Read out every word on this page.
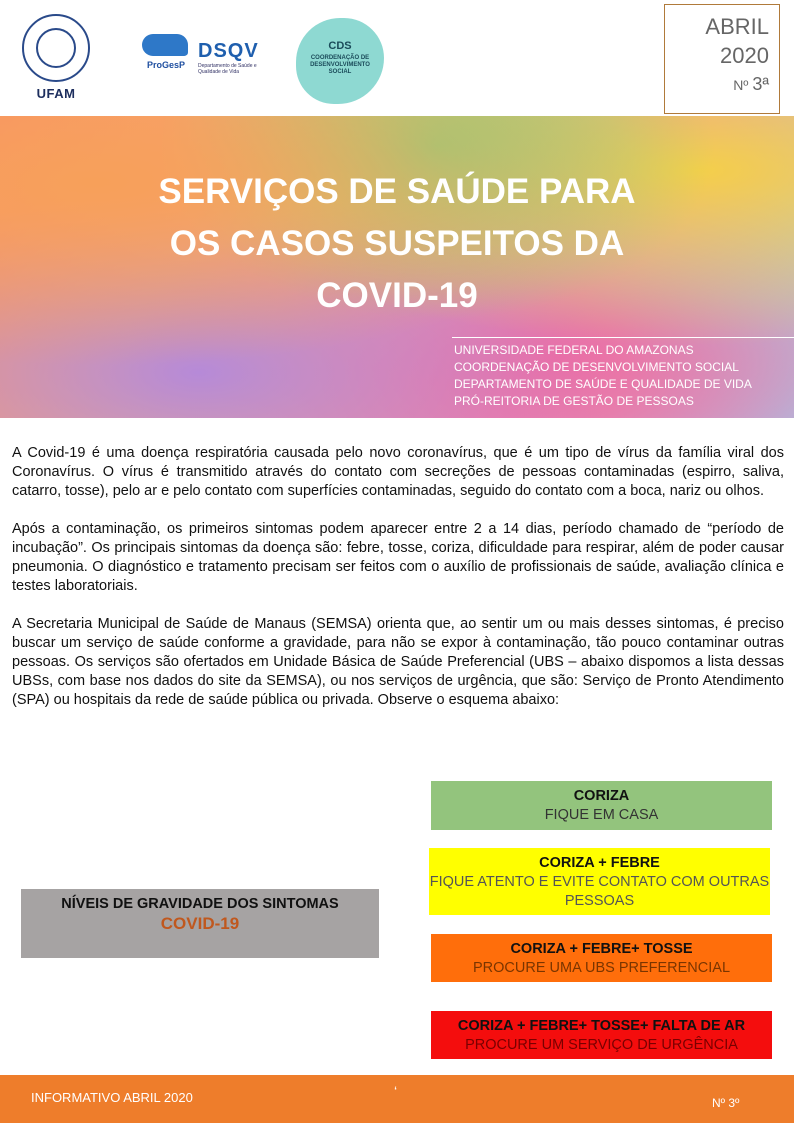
UFAM
ProGesP
DSQV
Departamento de Saúde e Qualidade de Vida
CDS
COORDENAÇÃO DE DESENVOLVIMENTO SOCIAL
ABRIL
2020
Nº 3ª
SERVIÇOS DE SAÚDE PARA
OS CASOS SUSPEITOS DA
COVID-19
UNIVERSIDADE FEDERAL DO AMAZONAS
COORDENAÇÃO DE DESENVOLVIMENTO SOCIAL
DEPARTAMENTO DE SAÚDE E QUALIDADE DE VIDA
PRÓ-REITORIA DE GESTÃO DE PESSOAS

A Covid-19 é uma doença respiratória causada pelo novo coronavírus, que é um tipo de vírus da família viral dos Coronavírus. O vírus é transmitido através do contato com secreções de pessoas contaminadas (espirro, saliva, catarro, tosse), pelo ar e pelo contato com superfícies contaminadas, seguido do contato com a boca, nariz ou olhos.

Após a contaminação, os primeiros sintomas podem aparecer entre 2 a 14 dias, período chamado de “período de incubação”. Os principais sintomas da doença são: febre, tosse, coriza, dificuldade para respirar, além de poder causar pneumonia. O diagnóstico e tratamento precisam ser feitos com o auxílio de profissionais de saúde, avaliação clínica e testes laboratoriais.

A Secretaria Municipal de Saúde de Manaus (SEMSA) orienta que, ao sentir um ou mais desses sintomas, é preciso buscar um serviço de saúde conforme a gravidade, para não se expor à contaminação, tão pouco contaminar outras pessoas. Os serviços são ofertados em Unidade Básica de Saúde Preferencial (UBS – abaixo dispomos a lista dessas UBSs, com base nos dados do site da SEMSA), ou nos serviços de urgência, que são: Serviço de Pronto Atendimento (SPA) ou hospitais da rede de saúde pública ou privada. Observe o esquema abaixo:

NÍVEIS DE GRAVIDADE DOS SINTOMAS
COVID-19
CORIZA
FIQUE EM CASA
CORIZA + FEBRE
FIQUE ATENTO E EVITE CONTATO COM OUTRAS PESSOAS
CORIZA + FEBRE+ TOSSE
PROCURE UMA UBS PREFERENCIAL
CORIZA + FEBRE+ TOSSE+ FALTA DE AR
PROCURE UM SERVIÇO DE URGÊNCIA
INFORMATIVO ABRIL 2020	‘
Nº 3º
